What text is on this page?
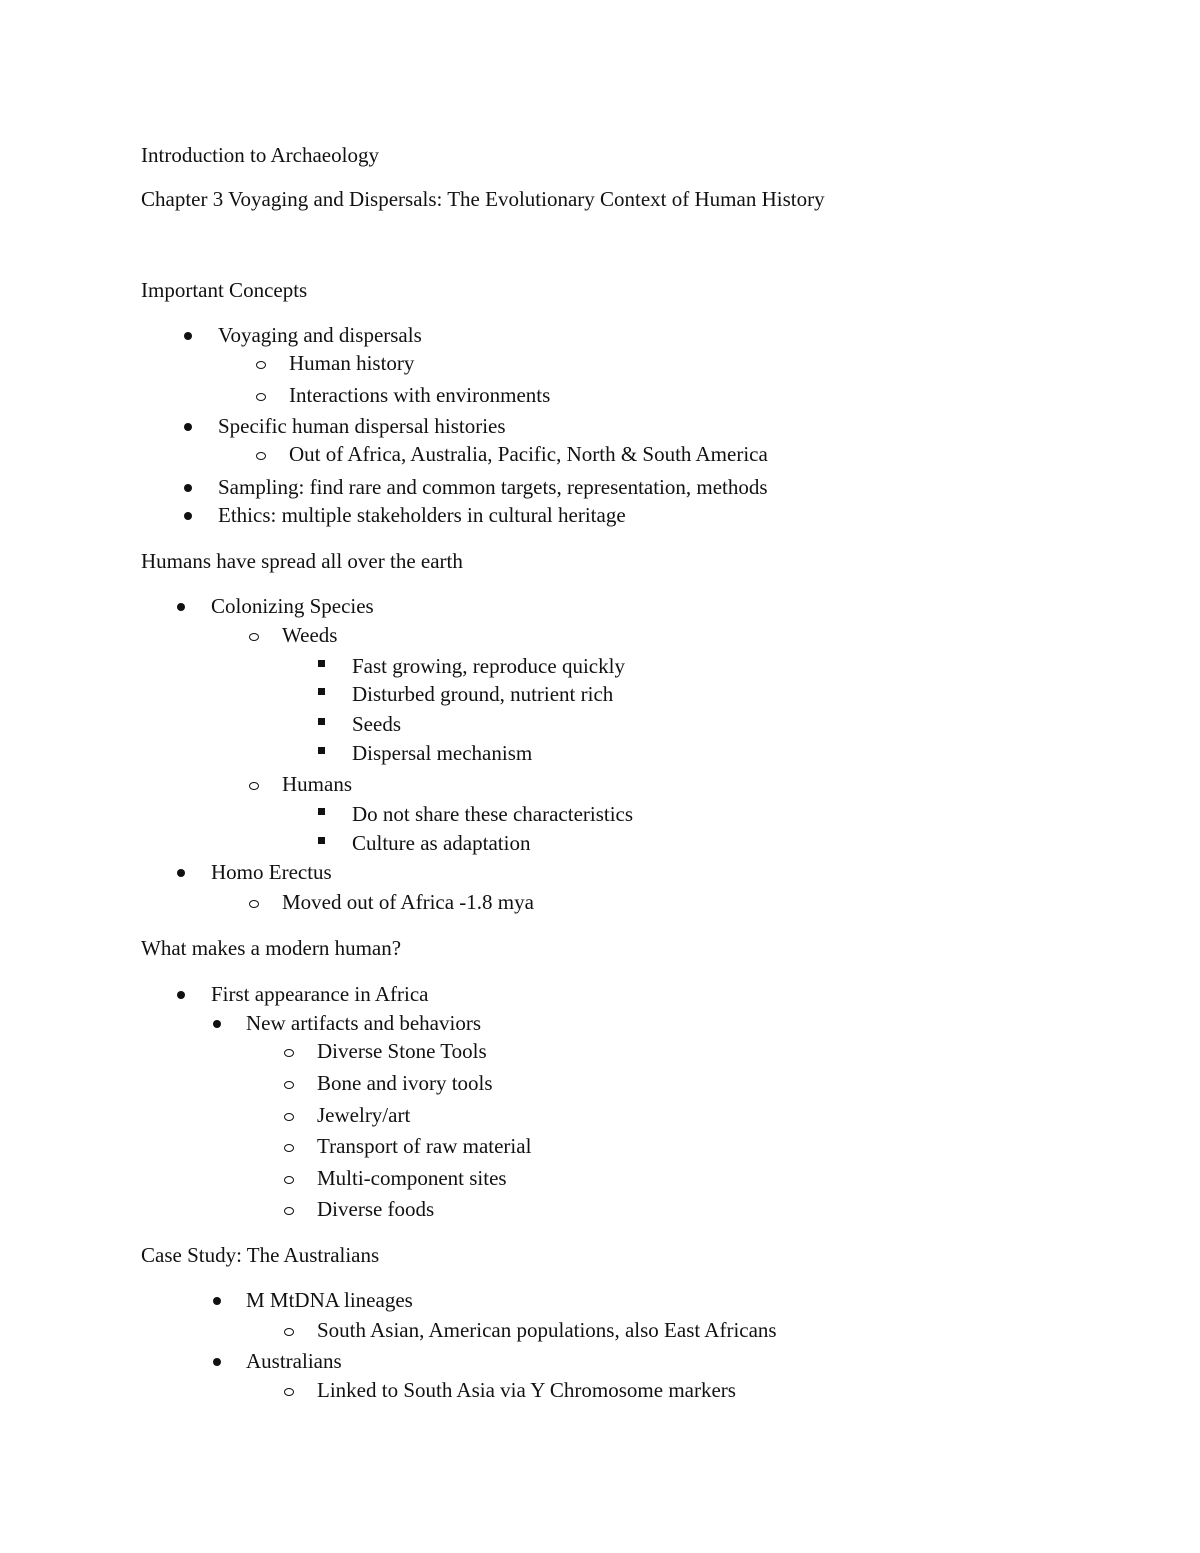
Introduction to Archaeology
Chapter 3 Voyaging and Dispersals: The Evolutionary Context of Human History
Important Concepts
Voyaging and dispersals
Human history
Interactions with environments
Specific human dispersal histories
Out of Africa, Australia, Pacific, North & South America
Sampling: find rare and common targets, representation, methods
Ethics: multiple stakeholders in cultural heritage
Humans have spread all over the earth
Colonizing Species
Weeds
Fast growing, reproduce quickly
Disturbed ground, nutrient rich
Seeds
Dispersal mechanism
Humans
Do not share these characteristics
Culture as adaptation
Homo Erectus
Moved out of Africa -1.8 mya
What makes a modern human?
First appearance in Africa
New artifacts and behaviors
Diverse Stone Tools
Bone and ivory tools
Jewelry/art
Transport of raw material
Multi-component sites
Diverse foods
Case Study: The Australians
M MtDNA lineages
South Asian, American populations, also East Africans
Australians
Linked to South Asia via Y Chromosome markers
